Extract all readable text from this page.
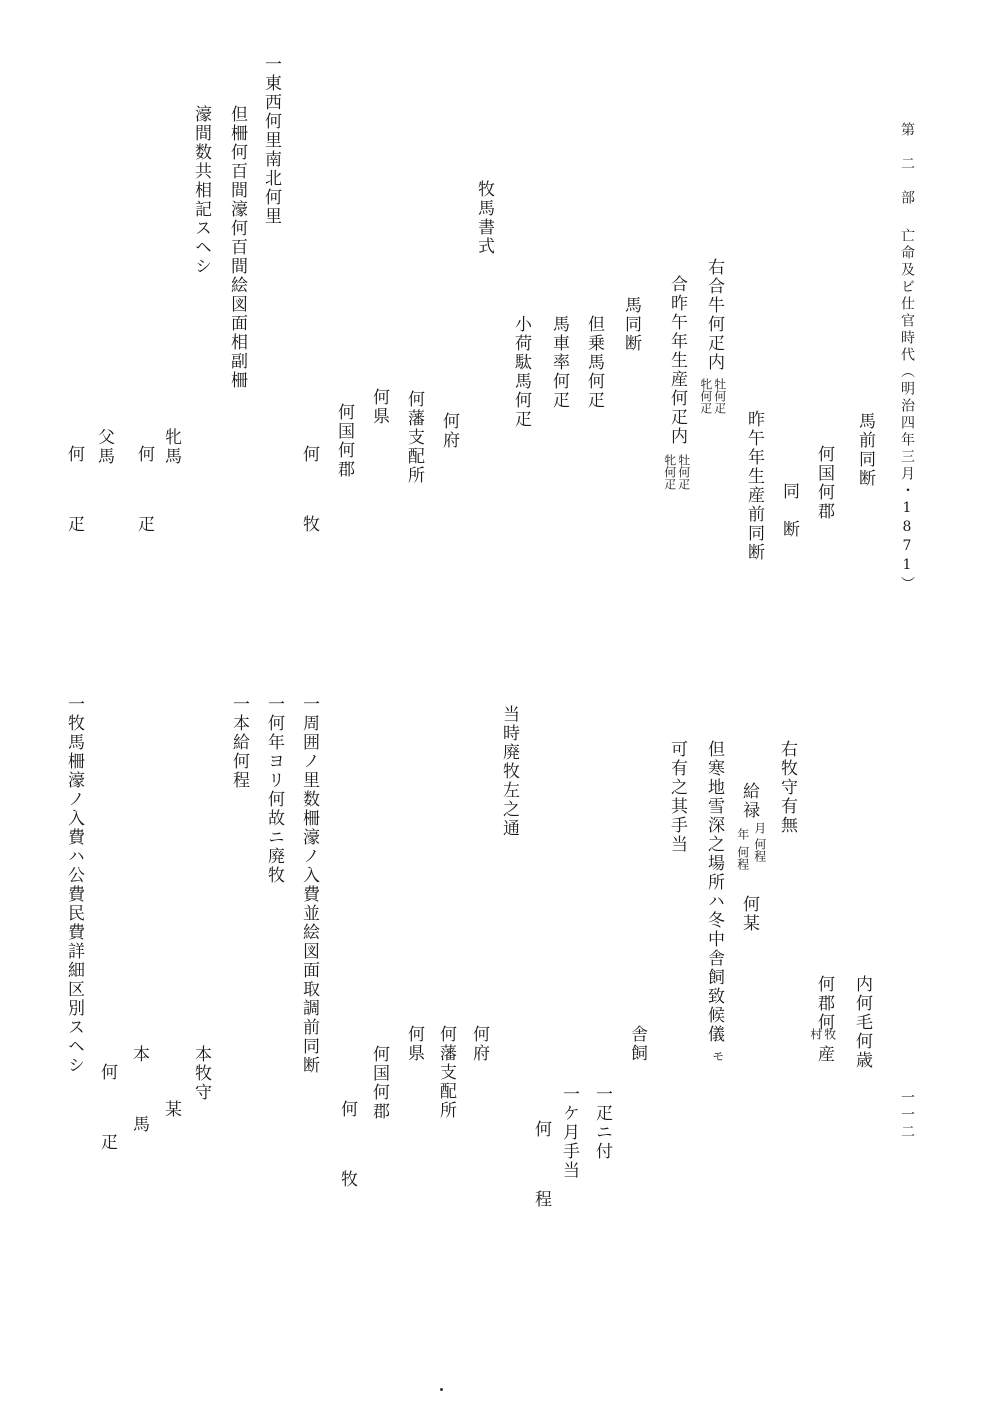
第　二　部
亡命及ビ仕官時代（明治四年三月・1871）
一一二
馬前同断
何国何郡
同　断
昨午年生産前同断
右合牛何疋内
牡何疋
牝何疋
合昨午年生産何疋内
牡何疋
牝何疋
馬同断
但乗馬何疋
馬車率何疋
小荷駄馬何疋
牧馬書式
何府
何藩支配所
何県
何国何郡
何　牧
一東西何里南北何里
但柵何百間濠何百間絵図面相副柵
濠間数共相記スヘシ
牝馬
何　疋
父馬
何　疋
内何毛何歳
何郡何
牧
村
産
右牧守有無
給禄
月
年
何程
何程
何某
但寒地雪深之場所ハ冬中舎飼致候儀
モ
可有之其手当
舎飼
一疋ニ付
一ケ月手当
何　程
当時廃牧左之通
何府
何藩支配所
何県
何国何郡
何　牧
一周囲ノ里数柵濠ノ入費並絵図面取調前同断
一何年ヨリ何故ニ廃牧
一本給何程
本牧守
某
本　馬
何　疋
一牧馬柵濠ノ入費ハ公費民費詳細区別スヘシ
